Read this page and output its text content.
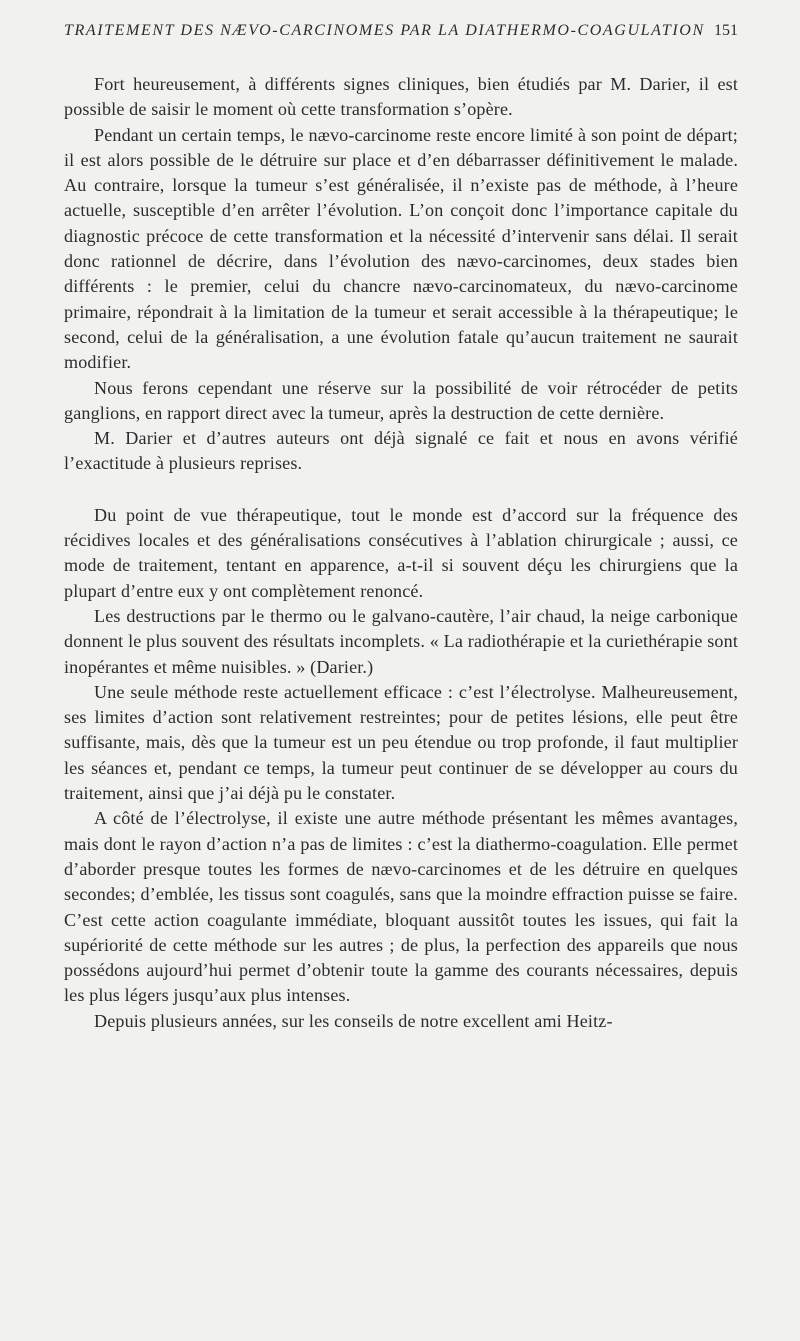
TRAITEMENT DES NÆVO-CARCINOMES PAR LA DIATHERMO-COAGULATION 151

Fort heureusement, à différents signes cliniques, bien étudiés par M. Darier, il est possible de saisir le moment où cette transformation s’opère.

Pendant un certain temps, le nævo-carcinome reste encore limité à son point de départ; il est alors possible de le détruire sur place et d’en débarrasser définitivement le malade. Au contraire, lorsque la tumeur s’est généralisée, il n’existe pas de méthode, à l’heure actuelle, susceptible d’en arrêter l’évolution. L’on conçoit donc l’importance capitale du diagnostic précoce de cette transformation et la nécessité d’intervenir sans délai. Il serait donc rationnel de décrire, dans l’évolution des nævo-carcinomes, deux stades bien différents : le premier, celui du chancre nævo-carcinomateux, du nævo-carcinome primaire, répondrait à la limitation de la tumeur et serait accessible à la thérapeutique; le second, celui de la généralisation, a une évolution fatale qu’aucun traitement ne saurait modifier.

Nous ferons cependant une réserve sur la possibilité de voir rétrocéder de petits ganglions, en rapport direct avec la tumeur, après la destruction de cette dernière.

M. Darier et d’autres auteurs ont déjà signalé ce fait et nous en avons vérifié l’exactitude à plusieurs reprises.

Du point de vue thérapeutique, tout le monde est d’accord sur la fréquence des récidives locales et des généralisations consécutives à l’ablation chirurgicale ; aussi, ce mode de traitement, tentant en apparence, a-t-il si souvent déçu les chirurgiens que la plupart d’entre eux y ont complètement renoncé.

Les destructions par le thermo ou le galvano-cautère, l’air chaud, la neige carbonique donnent le plus souvent des résultats incomplets. « La radiothérapie et la curiethérapie sont inopérantes et même nuisibles. » (Darier.)

Une seule méthode reste actuellement efficace : c’est l’électrolyse. Malheureusement, ses limites d’action sont relativement restreintes; pour de petites lésions, elle peut être suffisante, mais, dès que la tumeur est un peu étendue ou trop profonde, il faut multiplier les séances et, pendant ce temps, la tumeur peut continuer de se développer au cours du traitement, ainsi que j’ai déjà pu le constater.

A côté de l’électrolyse, il existe une autre méthode présentant les mêmes avantages, mais dont le rayon d’action n’a pas de limites : c’est la diathermo-coagulation. Elle permet d’aborder presque toutes les formes de nævo-carcinomes et de les détruire en quelques secondes; d’emblée, les tissus sont coagulés, sans que la moindre effraction puisse se faire. C’est cette action coagulante immédiate, bloquant aussitôt toutes les issues, qui fait la supériorité de cette méthode sur les autres ; de plus, la perfection des appareils que nous possédons aujourd’hui permet d’obtenir toute la gamme des courants nécessaires, depuis les plus légers jusqu’aux plus intenses.

Depuis plusieurs années, sur les conseils de notre excellent ami Heitz-
